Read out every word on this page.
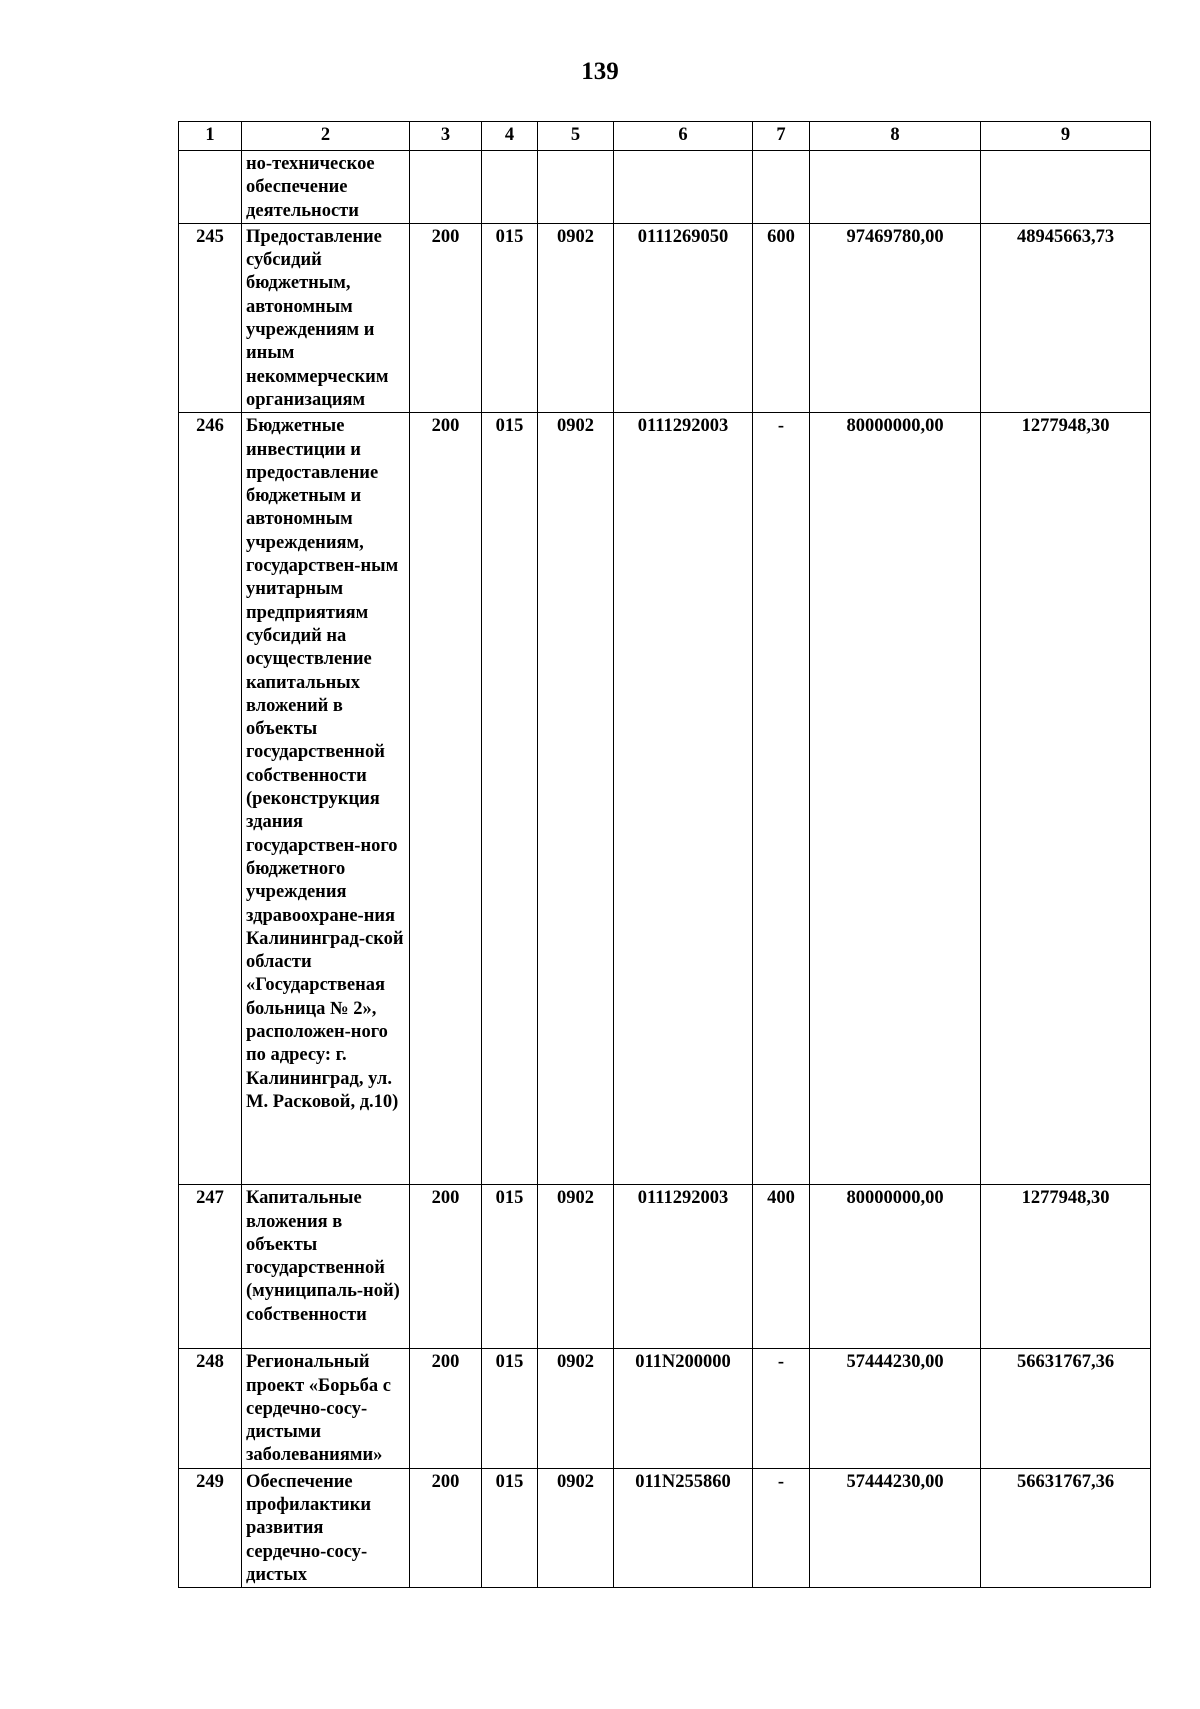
139
1	2	3	4	5	6	7	8	9
	но-техническое обеспечение деятельности							
245	Предоставление субсидий бюджетным, автономным учреждениям и иным некоммерческим организациям	200	015	0902	0111269050	600	97469780,00	48945663,73
246	Бюджетные инвестиции и предоставление бюджетным и автономным учреждениям, государствен-ным унитарным предприятиям субсидий на осуществление капитальных вложений в объекты государственной собственности (реконструкция здания государствен-ного бюджетного учреждения здравоохране-ния Калининград-ской области «Государственая больница № 2», расположен-ного по адресу: г. Калининград, ул. М. Расковой, д.10)	200	015	0902	0111292003	-	80000000,00	1277948,30
247	Капитальные вложения в объекты государственной (муниципаль-ной) собственности	200	015	0902	0111292003	400	80000000,00	1277948,30
248	Региональный проект «Борьба с сердечно-сосу-дистыми заболеваниями»	200	015	0902	011N200000	-	57444230,00	56631767,36
249	Обеспечение профилактики развития сердечно-сосу-дистых	200	015	0902	011N255860	-	57444230,00	56631767,36
